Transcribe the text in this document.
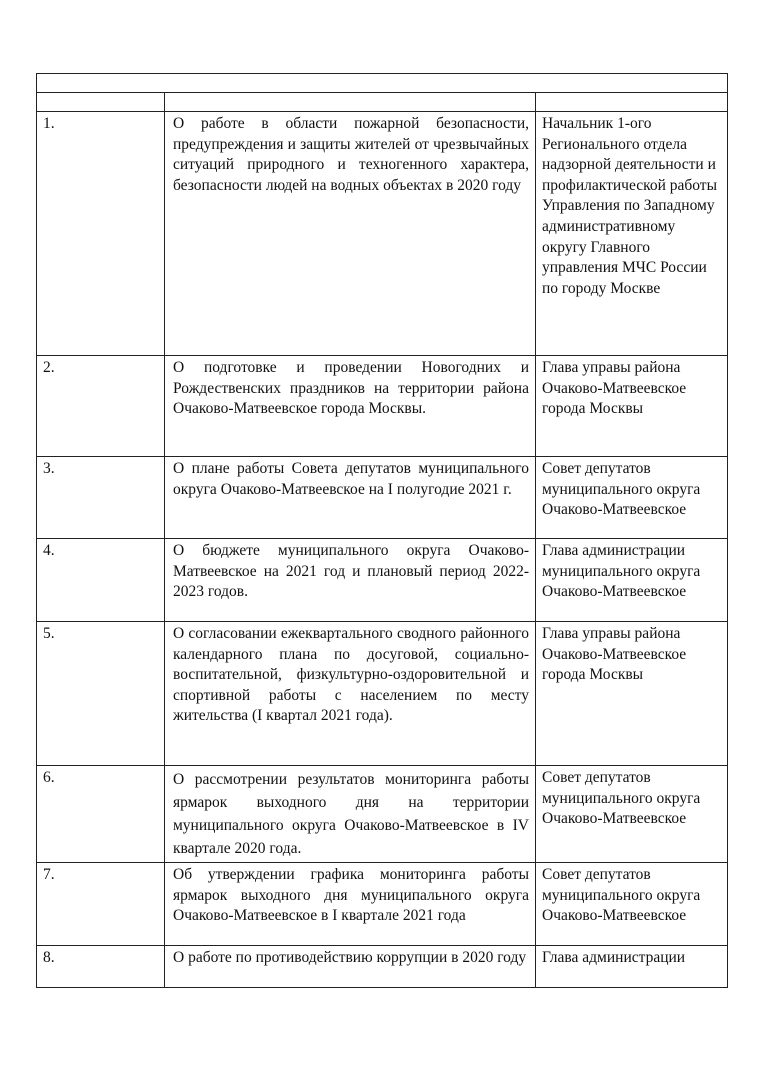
1.	О работе в области пожарной безопасности, предупреждения и защиты жителей от чрезвычайных ситуаций природного и техногенного характера, безопасности людей на водных объектах в 2020 году	Начальник 1-ого Регионального отдела надзорной деятельности и профилактической работы Управления по Западному административному округу Главного управления МЧС России по городу Москве
2.	О подготовке и проведении Новогодних и Рождественских праздников на территории района Очаково-Матвеевское города Москвы.	Глава управы района Очаково-Матвеевское города Москвы
3.	О плане работы Совета депутатов муниципального округа Очаково-Матвеевское на I полугодие 2021 г.	Совет депутатов муниципального округа Очаково-Матвеевское
4.	О бюджете муниципального округа Очаково-Матвеевское на 2021 год и плановый период 2022-2023 годов.	Глава администрации муниципального округа Очаково-Матвеевское
5.	О согласовании ежеквартального сводного районного календарного плана по досуговой, социально-воспитательной, физкультурно-оздоровительной и спортивной работы с населением по месту жительства (I квартал 2021 года).	Глава управы района Очаково-Матвеевское города Москвы
6.	О рассмотрении результатов мониторинга работы ярмарок выходного дня на территории муниципального округа Очаково-Матвеевское в IV квартале 2020 года.	Совет депутатов муниципального округа Очаково-Матвеевское
7.	Об утверждении графика мониторинга работы ярмарок выходного дня муниципального округа Очаково-Матвеевское в I квартале 2021 года	Совет депутатов муниципального округа Очаково-Матвеевское
8.	О работе по противодействию коррупции в 2020 году	Глава администрации
